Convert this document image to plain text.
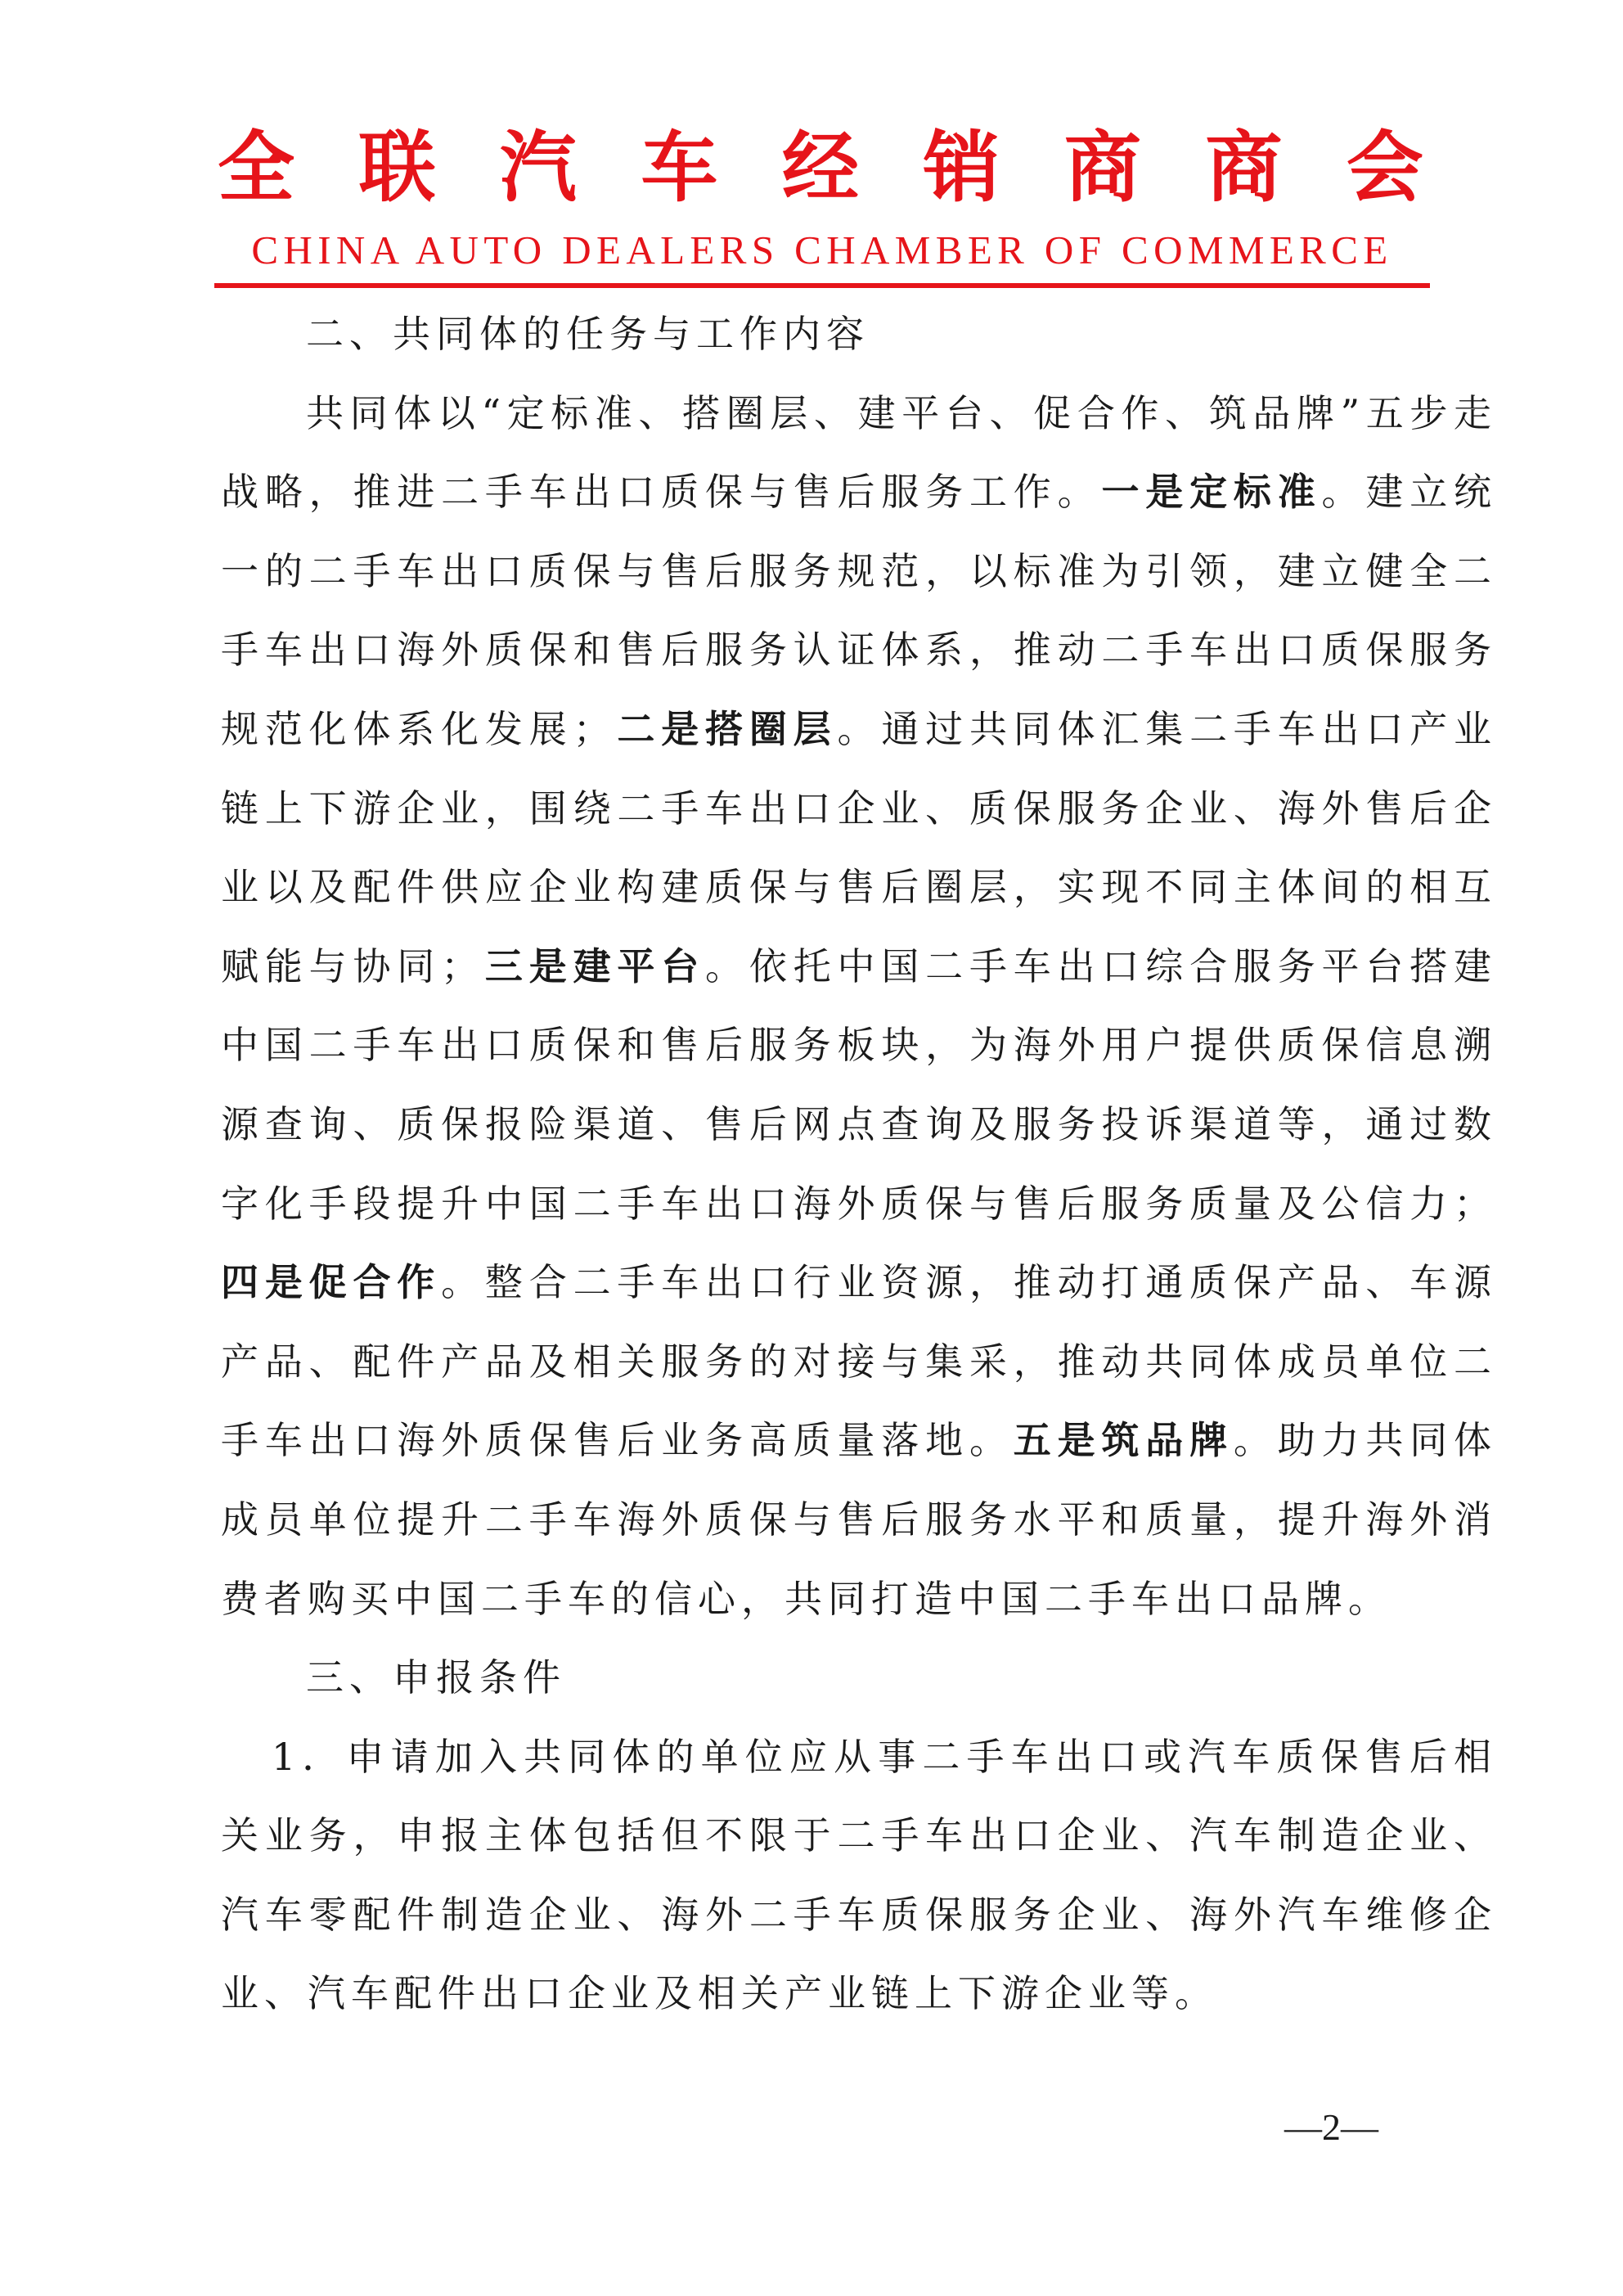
全 联 汽 车 经 销 商 商 会
CHINA AUTO DEALERS CHAMBER OF COMMERCE

二、共同体的任务与工作内容

共同体以“定标准、搭圈层、建平台、促合作、筑品牌”五步走战略，推进二手车出口质保与售后服务工作。一是定标准。建立统一的二手车出口质保与售后服务规范，以标准为引领，建立健全二手车出口海外质保和售后服务认证体系，推动二手车出口质保服务规范化体系化发展；二是搭圈层。通过共同体汇集二手车出口产业链上下游企业，围绕二手车出口企业、质保服务企业、海外售后企业以及配件供应企业构建质保与售后圈层，实现不同主体间的相互赋能与协同；三是建平台。依托中国二手车出口综合服务平台搭建中国二手车出口质保和售后服务板块，为海外用户提供质保信息溯源查询、质保报险渠道、售后网点查询及服务投诉渠道等，通过数字化手段提升中国二手车出口海外质保与售后服务质量及公信力；四是促合作。整合二手车出口行业资源，推动打通质保产品、车源产品、配件产品及相关服务的对接与集采，推动共同体成员单位二手车出口海外质保售后业务高质量落地。五是筑品牌。助力共同体成员单位提升二手车海外质保与售后服务水平和质量，提升海外消费者购买中国二手车的信心，共同打造中国二手车出口品牌。

三、申报条件

1．申请加入共同体的单位应从事二手车出口或汽车质保售后相关业务，申报主体包括但不限于二手车出口企业、汽车制造企业、汽车零配件制造企业、海外二手车质保服务企业、海外汽车维修企业、汽车配件出口企业及相关产业链上下游企业等。

—2—
